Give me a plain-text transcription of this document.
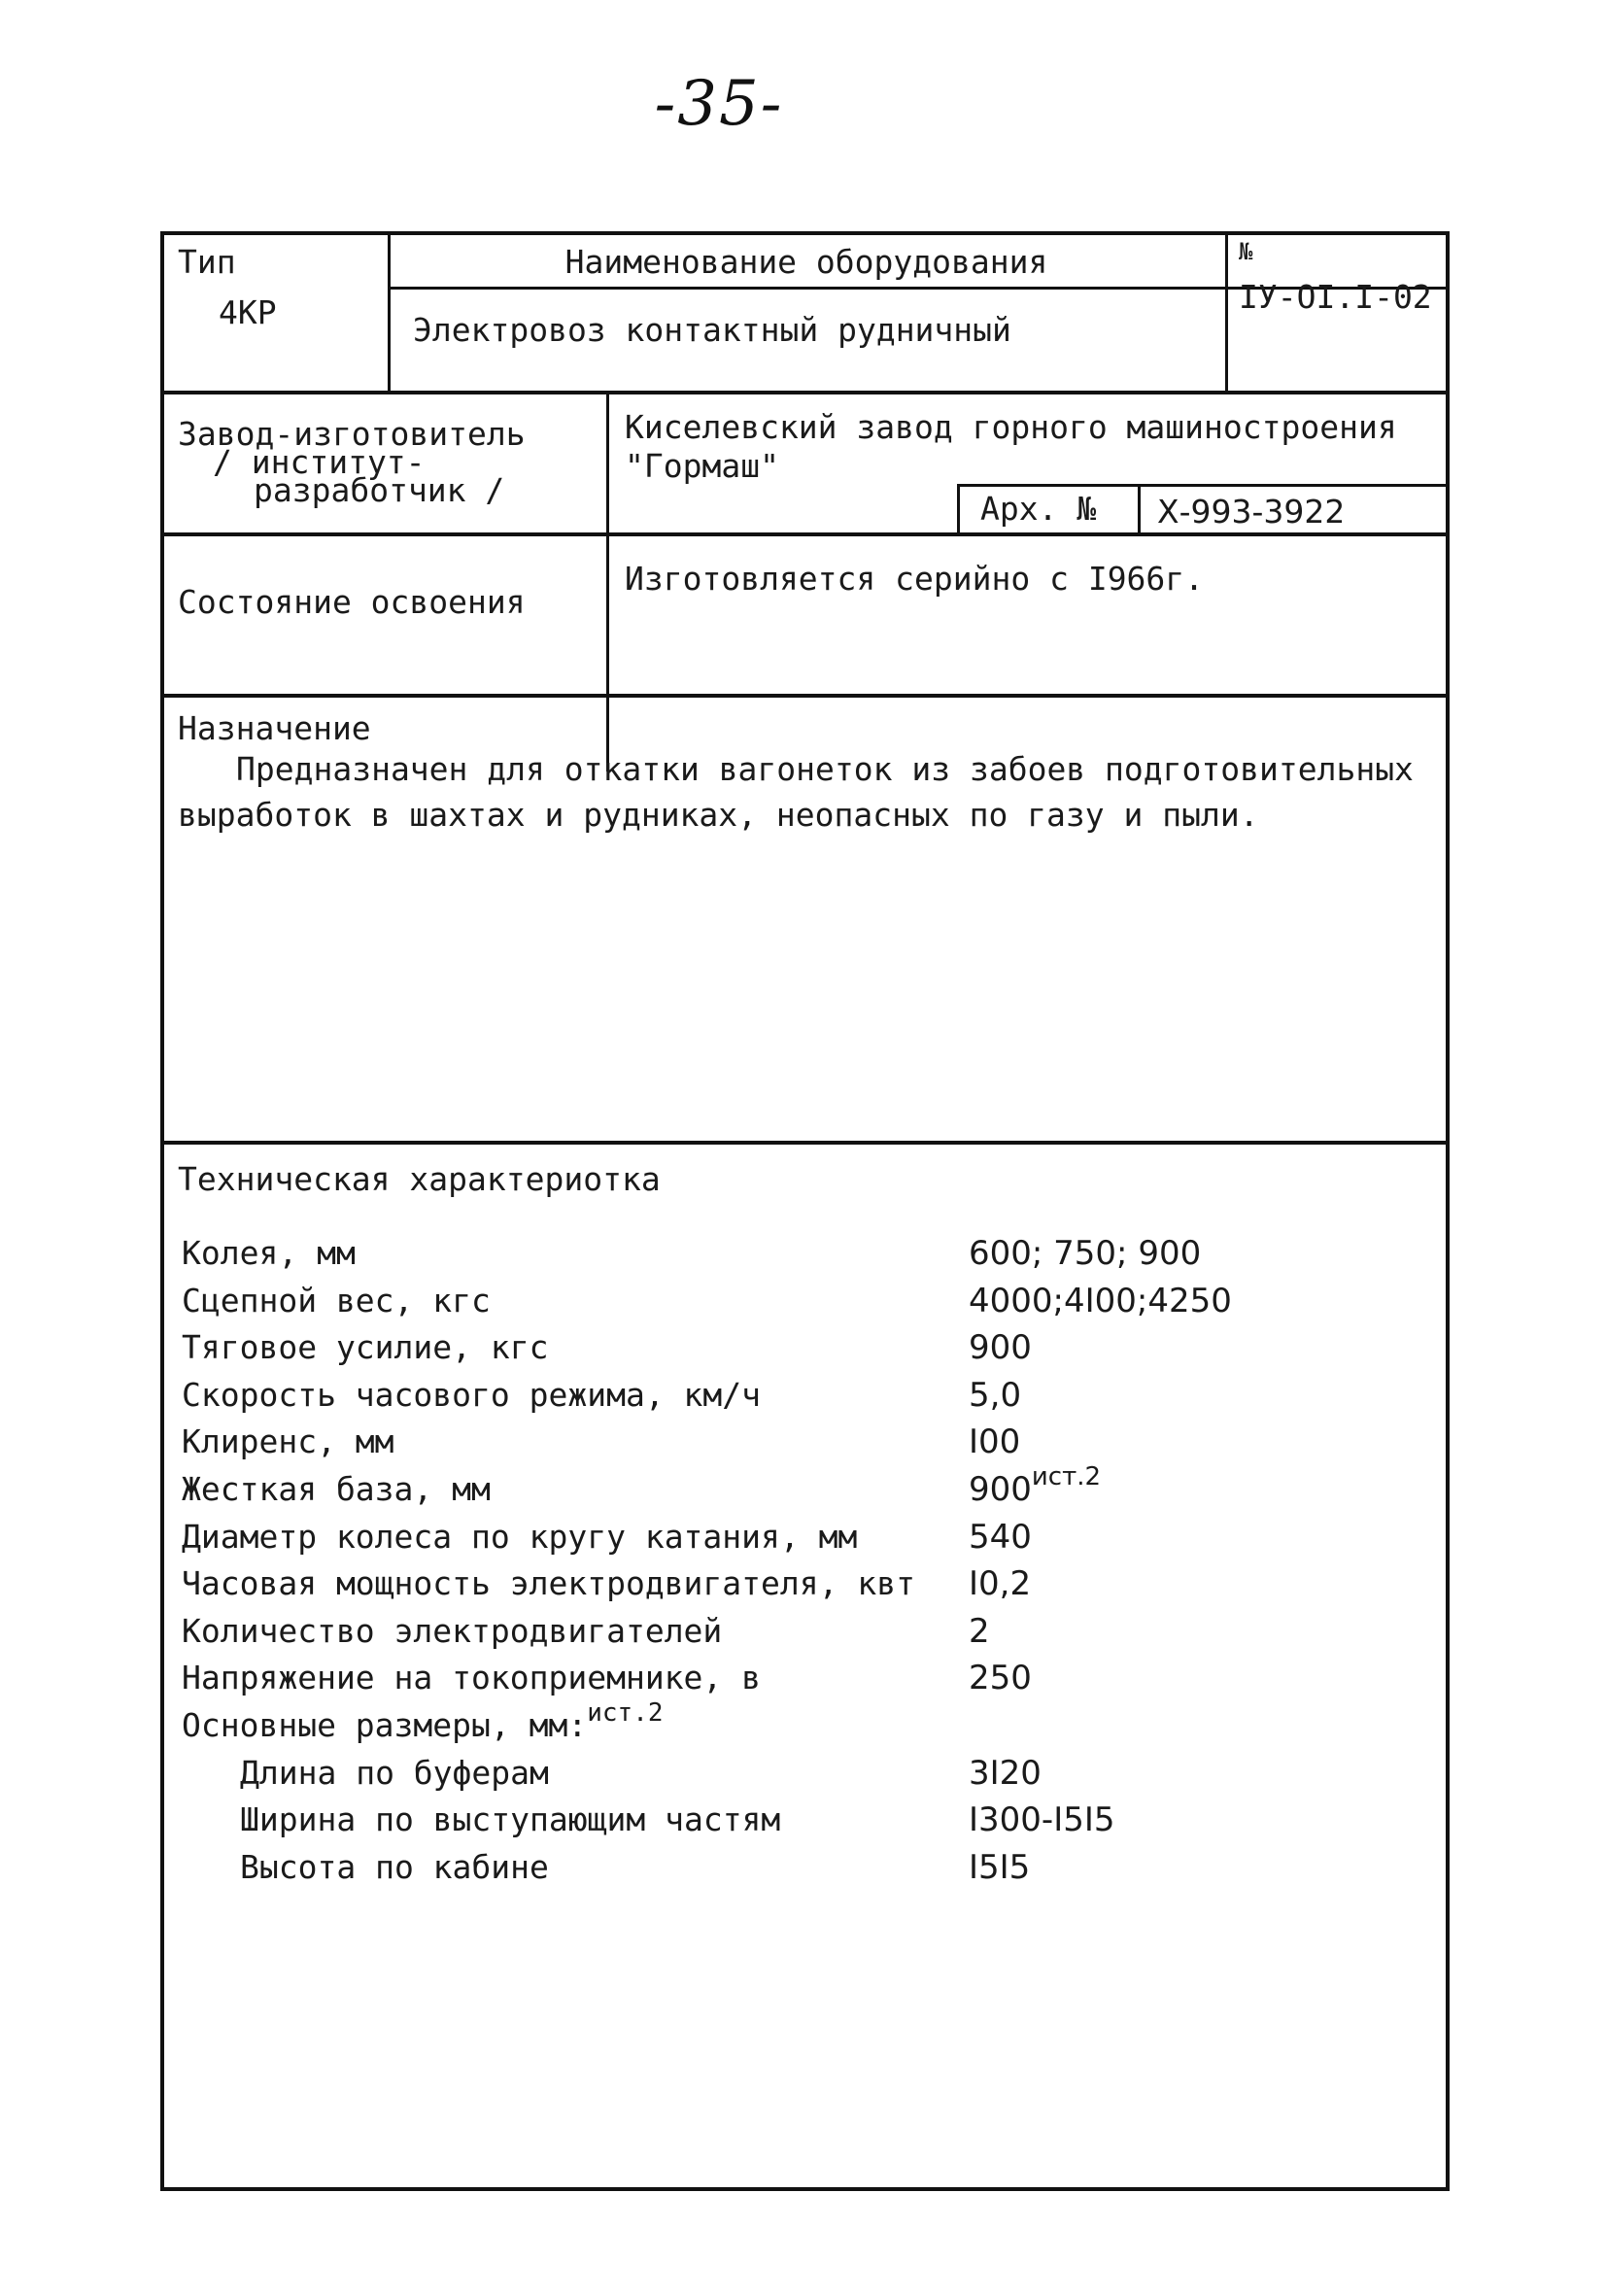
-35-
Тип
4КР
Наименование оборудования
Электровоз контактный рудничный
№
IУ-OI.I-02
Завод-изготовитель
/ институт-
разработчик /
Киселевский завод горного машиностроения
"Гормаш"
Арх. № Х-993-3922
Состояние освоения
Изготовляется серийно с I966г.
Назначение
Предназначен для откатки вагонеток из забоев подготовительных
выработок в шахтах и рудниках, неопасных по газу и пыли.
Техническая характериотка
Колея, мм	600; 750; 900
Сцепной вес, кгс	4000;4I00;4250
Тяговое усилие, кгс	900
Скорость часового режима, км/ч	5,0
Клиренс, мм	I00
Жесткая база, мм	$900^{ист.2}$
Диаметр колеса по кругу катания, мм	540
Часовая мощность электродвигателя, квт I0,2
Количество электродвигателей	2
Напряжение на токоприемнике, в	250
Основные размеры, мм:$^{ист.2}$
Длина по буферам	3I20
Ширина по выступающим частям	I300-I5I5
Высота по кабине	I5I5
